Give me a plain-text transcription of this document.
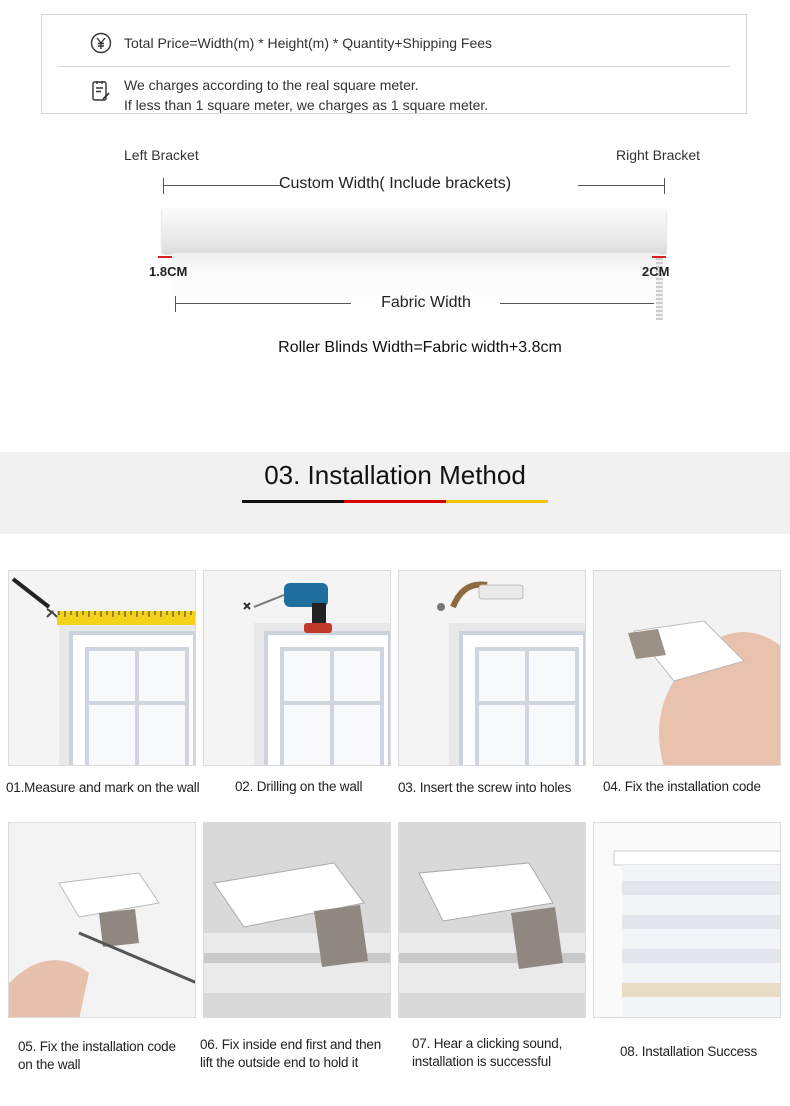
Total Price=Width(m) * Height(m) * Quantity+Shipping Fees
We charges according to the real square meter.
If less than 1 square meter, we charges as 1 square meter.
Left Bracket	Right Bracket
Custom Width( Include brackets)
1.8CM	2CM
Fabric Width
Roller Blinds Width=Fabric width+3.8cm
03. Installation Method
01.Measure and mark on the wall	02. Drilling on the wall	03. Insert the screw into holes 04. Fix the installation code
05. Fix the installation code
on the wall
06. Fix inside end first and then
lift the outside end to hold it
07. Hear a clicking sound,
installation is successful
08. Installation Success
